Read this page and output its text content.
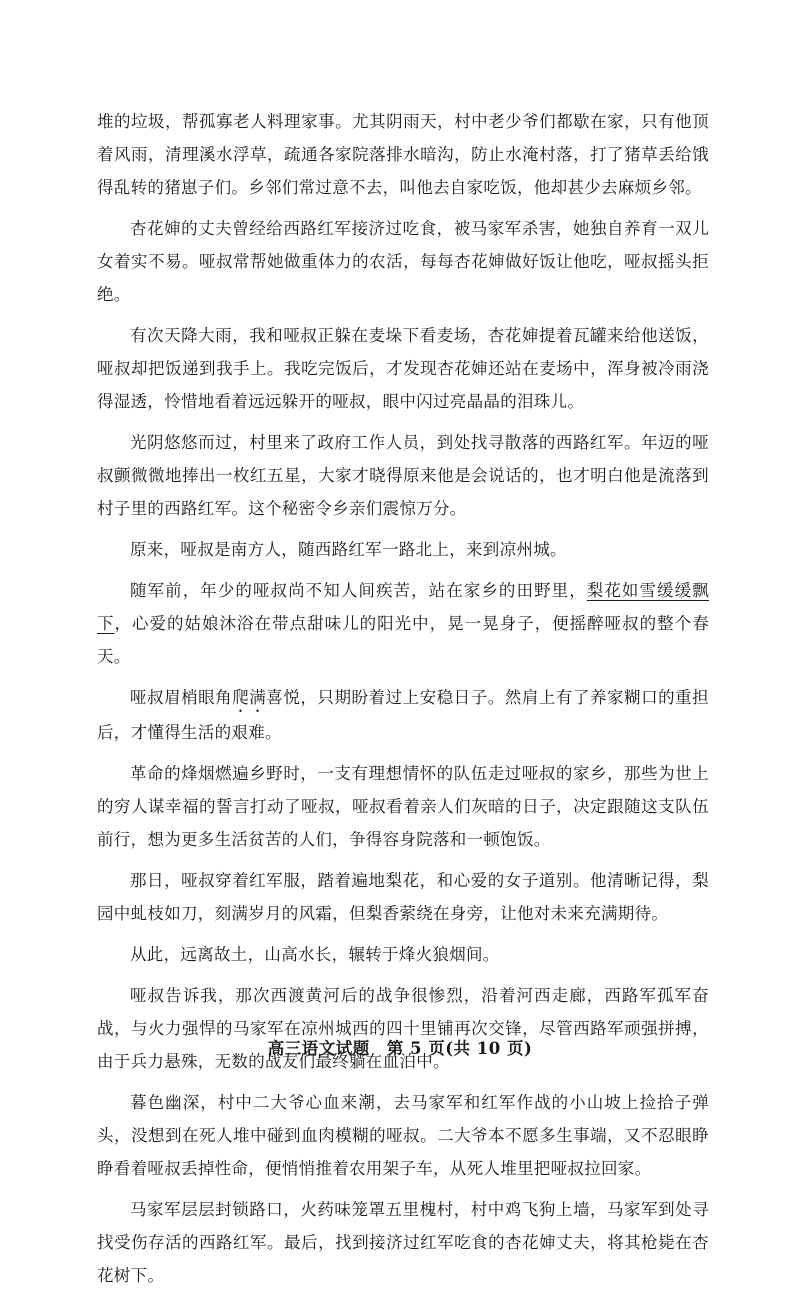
堆的垃圾，帮孤寡老人料理家事。尤其阴雨天，村中老少爷们都歇在家，只有他顶着风雨，清理溪水浮草，疏通各家院落排水暗沟，防止水淹村落，打了猪草丢给饿得乱转的猪崽子们。乡邻们常过意不去，叫他去自家吃饭，他却甚少去麻烦乡邻。

杏花婶的丈夫曾经给西路红军接济过吃食，被马家军杀害，她独自养育一双儿女着实不易。哑叔常帮她做重体力的农活，每每杏花婶做好饭让他吃，哑叔摇头拒绝。

有次天降大雨，我和哑叔正躲在麦垛下看麦场，杏花婶提着瓦罐来给他送饭，哑叔却把饭递到我手上。我吃完饭后，才发现杏花婶还站在麦场中，浑身被冷雨浇得湿透，怜惜地看着远远躲开的哑叔，眼中闪过亮晶晶的泪珠儿。

光阴悠悠而过，村里来了政府工作人员，到处找寻散落的西路红军。年迈的哑叔颤微微地捧出一枚红五星，大家才晓得原来他是会说话的，也才明白他是流落到村子里的西路红军。这个秘密令乡亲们震惊万分。

原来，哑叔是南方人，随西路红军一路北上，来到凉州城。

随军前，年少的哑叔尚不知人间疾苦，站在家乡的田野里，梨花如雪缓缓飘下，心爱的姑娘沐浴在带点甜味儿的阳光中，晃一晃身子，便摇醉哑叔的整个春天。

哑叔眉梢眼角爬满喜悦，只期盼着过上安稳日子。然肩上有了养家糊口的重担后，才懂得生活的艰难。

革命的烽烟燃遍乡野时，一支有理想情怀的队伍走过哑叔的家乡，那些为世上的穷人谋幸福的誓言打动了哑叔，哑叔看着亲人们灰暗的日子，决定跟随这支队伍前行，想为更多生活贫苦的人们，争得容身院落和一顿饱饭。

那日，哑叔穿着红军服，踏着遍地梨花，和心爱的女子道别。他清晰记得，梨园中虬枝如刀，刻满岁月的风霜，但梨香萦绕在身旁，让他对未来充满期待。

从此，远离故土，山高水长，辗转于烽火狼烟间。

哑叔告诉我，那次西渡黄河后的战争很惨烈，沿着河西走廊，西路军孤军奋战，与火力强悍的马家军在凉州城西的四十里铺再次交锋，尽管西路军顽强拼搏，由于兵力悬殊，无数的战友们最终躺在血泊中。

暮色幽深，村中二大爷心血来潮，去马家军和红军作战的小山坡上捡拾子弹头，没想到在死人堆中碰到血肉模糊的哑叔。二大爷本不愿多生事端，又不忍眼睁睁看着哑叔丢掉性命，便悄悄推着农用架子车，从死人堆里把哑叔拉回家。

马家军层层封锁路口，火药味笼罩五里槐村，村中鸡飞狗上墙，马家军到处寻找受伤存活的西路红军。最后，找到接济过红军吃食的杏花婶丈夫，将其枪毙在杏花树下。

高三语文试题　第 5 页(共 10 页)
